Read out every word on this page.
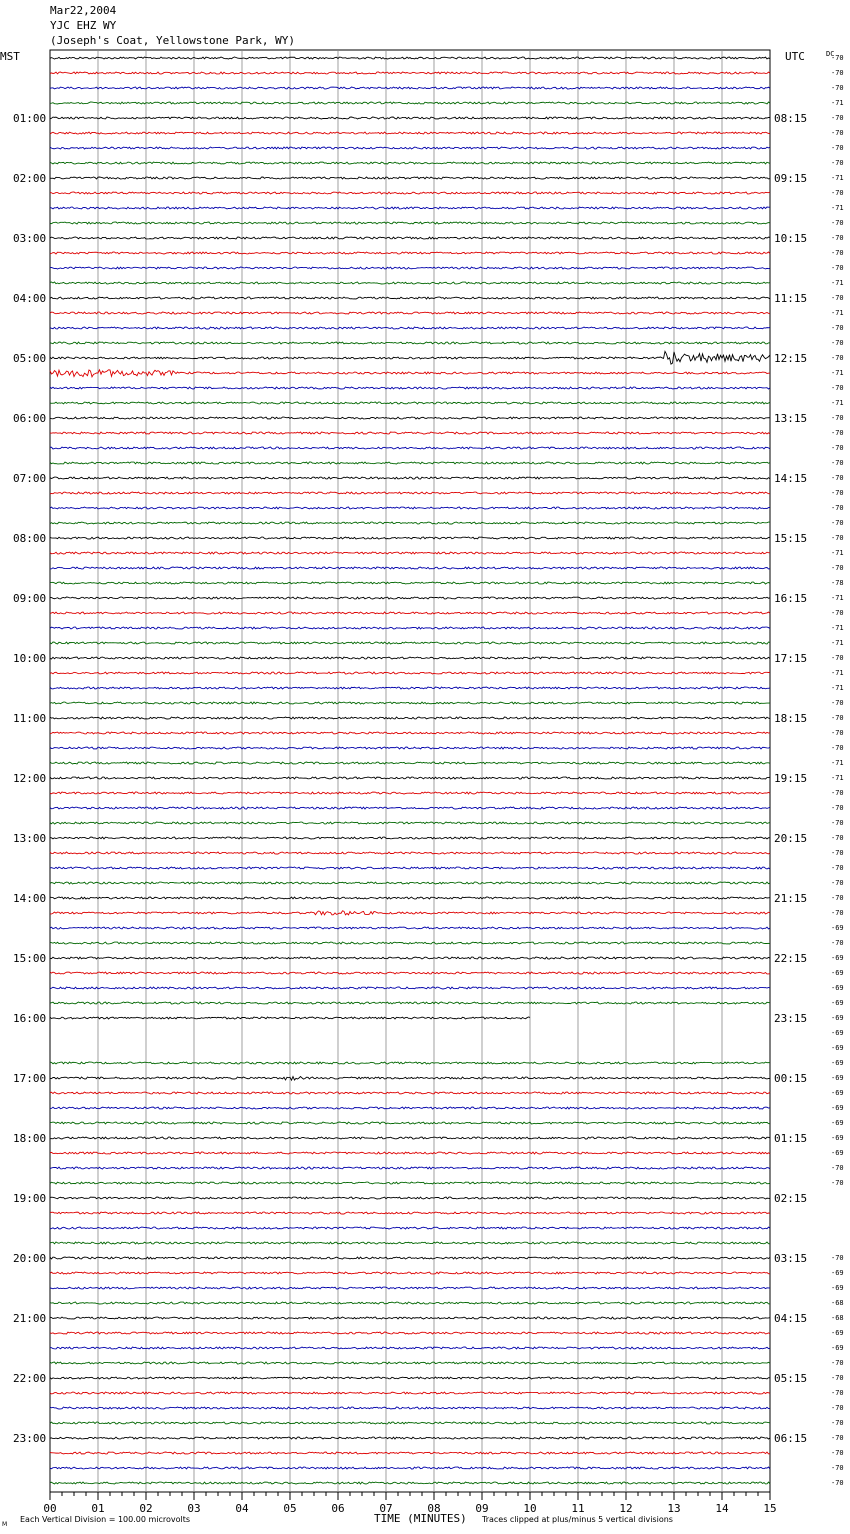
Mar22,2004
YJC EHZ WY
(Joseph's Coat, Yellowstone Park, WY)
01:00
02:00
03:00
04:00
05:00
06:00
07:00
08:00
09:00
10:00
11:00
12:00
13:00
14:00
15:00
16:00
17:00
18:00
19:00
20:00
21:00
22:00
23:00
08:15
09:15
10:15
11:15
12:15
13:15
14:15
15:15
16:15
17:15
18:15
19:15
20:15
21:15
22:15
23:15
00:15
01:15
02:15
03:15
04:15
05:15
06:15
-70
-70
-70
-71
-70
-70
-70
-70
-71
-70
-71
-70
-70
-70
-70
-71
-70
-71
-70
-70
-70
-71
-70
-71
-70
-70
-70
-70
-70
-70
-70
-70
-70
-71
-70
-78
-71
-70
-71
-71
-70
-71
-71
-70
-70
-70
-70
-71
-71
-70
-70
-70
-70
-70
-70
-70
-70
-70
-69
-70
-69
-69
-69
-69
-69
-69
-69
-69
-69
-69
-69
-69
-69
-69
-70
-70
-70
-69
-69
-68
-68
-69
-69
-70
-70
-70
-70
-70
-70
-70
-70
-70
00	01	02	03	04	05	06	07	08	09	10	11	12	13	14	15
MST	UTC	DC
TIME (MINUTES)
Each Vertical Division = 100.00 microvolts	Traces clipped at plus/minus 5 vertical divisions
M
